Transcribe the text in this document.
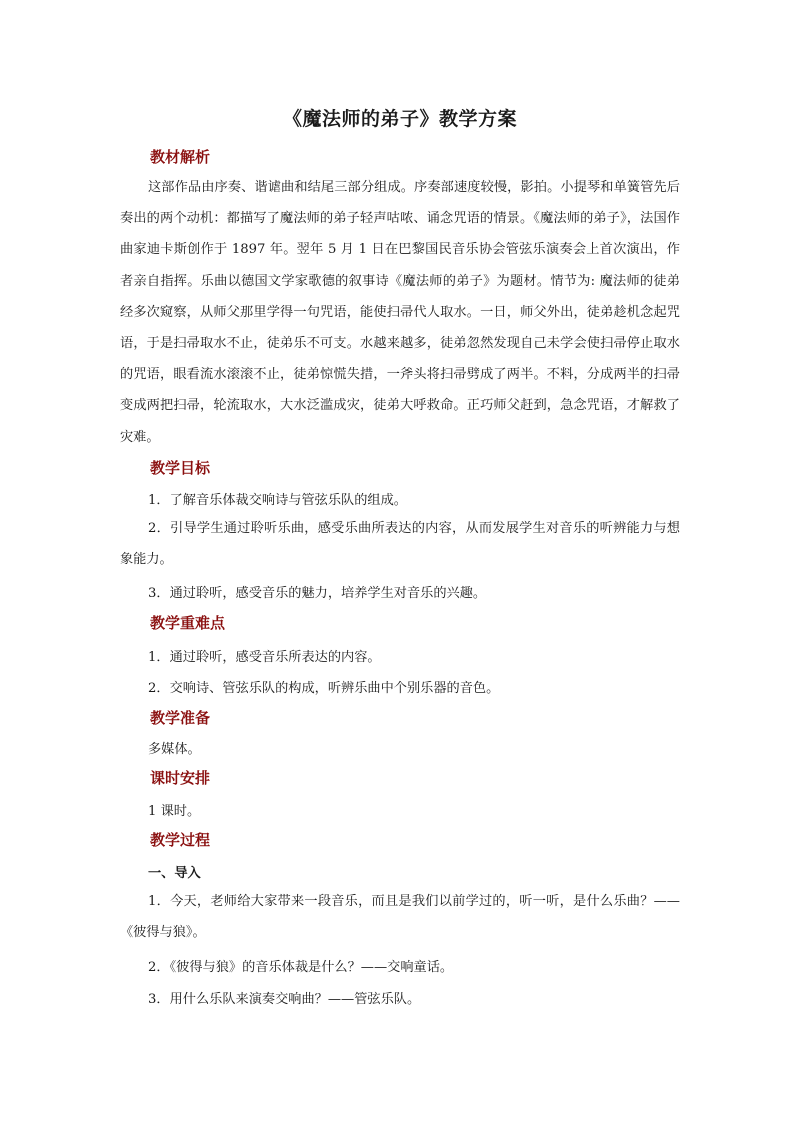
《魔法师的弟子》教学方案
教材解析
这部作品由序奏、谐谑曲和结尾三部分组成。序奏部速度较慢，影拍。小提琴和单簧管先后奏出的两个动机：都描写了魔法师的弟子轻声咕哝、诵念咒语的情景。《魔法师的弟子》，法国作曲家迪卡斯创作于 1897 年。翌年 5 月 1 日在巴黎国民音乐协会管弦乐演奏会上首次演出，作者亲自指挥。乐曲以德国文学家歌德的叙事诗《魔法师的弟子》为题材。情节为: 魔法师的徒弟经多次窥察，从师父那里学得一句咒语，能使扫帚代人取水。一日，师父外出，徒弟趁机念起咒语，于是扫帚取水不止，徒弟乐不可支。水越来越多，徒弟忽然发现自己未学会使扫帚停止取水的咒语，眼看流水滚滚不止，徒弟惊慌失措，一斧头将扫帚劈成了两半。不料，分成两半的扫帚变成两把扫帚，轮流取水，大水泛滥成灾，徒弟大呼救命。正巧师父赶到，急念咒语，才解救了灾难。
教学目标
1．了解音乐体裁交响诗与管弦乐队的组成。
2．引导学生通过聆听乐曲，感受乐曲所表达的内容，从而发展学生对音乐的听辨能力与想象能力。
3．通过聆听，感受音乐的魅力，培养学生对音乐的兴趣。
教学重难点
1．通过聆听，感受音乐所表达的内容。
2．交响诗、管弦乐队的构成，听辨乐曲中个别乐器的音色。
教学准备
多媒体。
课时安排
1 课时。
教学过程
一、导入
1．今天，老师给大家带来一段音乐，而且是我们以前学过的，听一听，是什么乐曲？——《彼得与狼》。
2．《彼得与狼》的音乐体裁是什么？——交响童话。
3．用什么乐队来演奏交响曲？——管弦乐队。
